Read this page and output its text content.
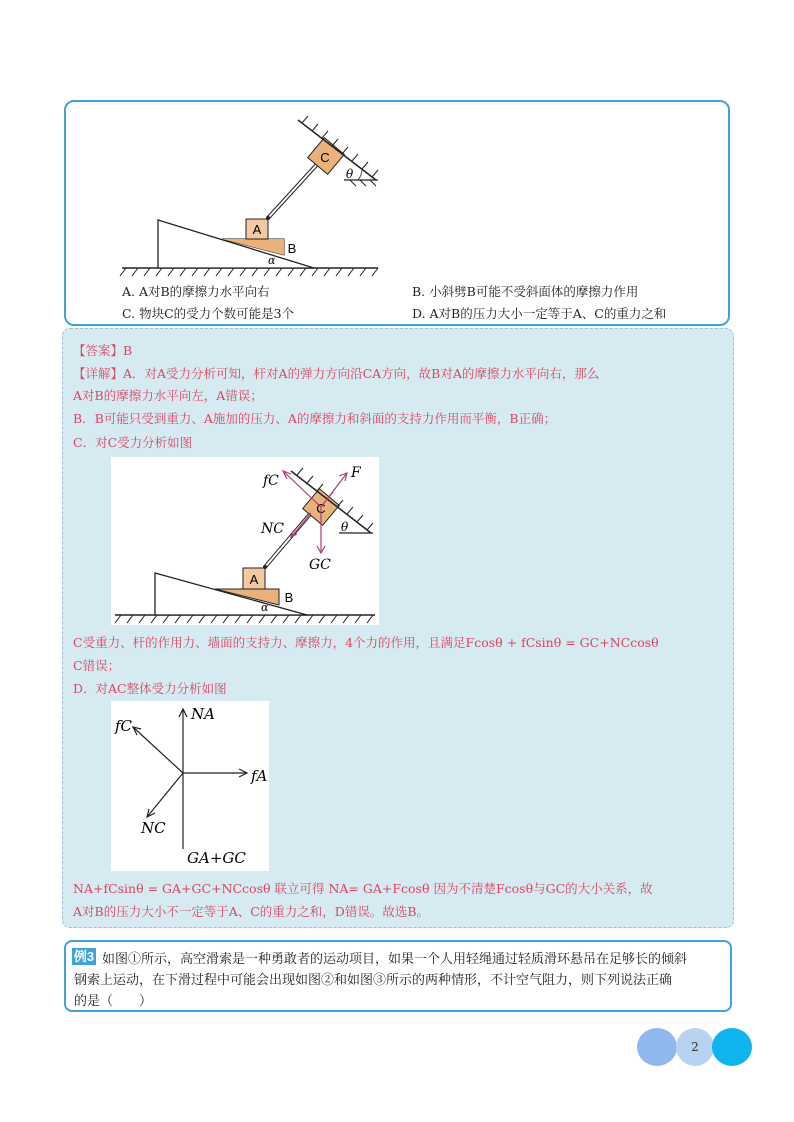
A
B
α
C
θ
A. A对B的摩擦力水平向右	B. 小斜劈B可能不受斜面体的摩擦力作用
C. 物块C的受力个数可能是3个	D. A对B的压力大小一定等于A、C的重力之和
【答案】B
【详解】A．对A受力分析可知，杆对A的弹力方向沿CA方向，故B对A的摩擦力水平向右，那么
A对B的摩擦力水平向左，A错误；
B．B可能只受到重力、A施加的压力、A的摩擦力和斜面的支持力作用而平衡，B正确；
C．对C受力分析如图
A
B
α
C
θ
fC	F
NC
GC
C受重力、杆的作用力、墙面的支持力、摩擦力，4个力的作用，且满足Fcosθ + fCsinθ = GC+NCcosθ
C错误；
D．对AC整体受力分析如图
NA
fC
fA
NC
GA+GC
NA+fCsinθ = GA+GC+NCcosθ 联立可得 NA= GA+Fcosθ 因为不清楚Fcosθ与GC的大小关系，故
A对B的压力大小不一定等于A、C的重力之和，D错误。故选B。
例3 如图①所示，高空滑索是一种勇敢者的运动项目，如果一个人用轻绳通过轻质滑环悬吊在足够长的倾斜
钢索上运动，在下滑过程中可能会出现如图②和如图③所示的两种情形，不计空气阻力，则下列说法正确
的是（　　）
2
